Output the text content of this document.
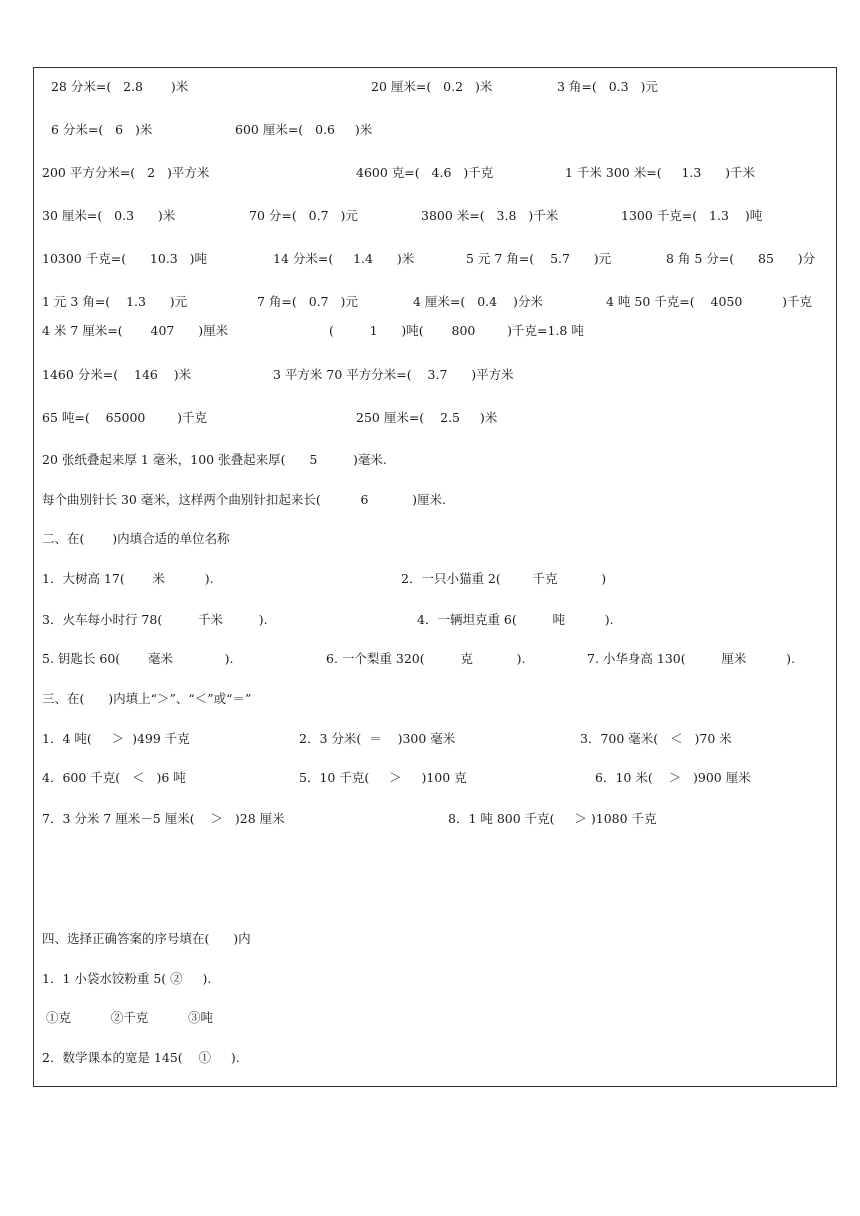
28 分米=(   2.8       )米	20 厘米=(   0.2   )米	3 角=(   0.3   )元
6 分米=(   6   )米	600 厘米=(   0.6     )米
200 平方分米=(   2   )平方米	4600 克=(   4.6   )千克	1 千米 300 米=(     1.3      )千米
30 厘米=(   0.3      )米	70 分=(   0.7   )元	3800 米=(   3.8   )千米	1300 千克=(   1.3    )吨
10300 千克=(      10.3   )吨	14 分米=(     1.4      )米	5 元 7 角=(    5.7      )元	8 角 5 分=(      85      )分
1 元 3 角=(    1.3      )元	7 角=(   0.7   )元	4 厘米=(   0.4    )分米	4 吨 50 千克=(    4050          )千克
4 米 7 厘米=(       407      )厘米	(         1      )吨(       800        )千克=1.8 吨
1460 分米=(    146    )米	3 平方米 70 平方分米=(    3.7      )平方米
65 吨=(    65000        )千克	250 厘米=(    2.5     )米
20 张纸叠起来厚 1 毫米，100 张叠起来厚(      5         )毫米.
每个曲别针长 30 毫米，这样两个曲别针扣起来长(          6           )厘米.
二、在(       )内填合适的单位名称
1．大树高 17(       米          ).	2．一只小猫重 2(        千克           )
3．火车每小时行 78(         千米         ).	4．一辆坦克重 6(         吨          ).
5. 钥匙长 60(       毫米             ).	6. 一个梨重 320(         克           ).	7. 小华身高 130(         厘米          ).
三、在(      )内填上“＞”、“＜”或“＝”
1．4 吨(     ＞  )499 千克	2．3 分米(  ＝    )300 毫米	3．700 毫米(   ＜   )70 米
4．600 千克(   ＜   )6 吨	5．10 千克(     ＞     )100 克	6．10 米(    ＞   )900 厘米
7．3 分米 7 厘米－5 厘米(    ＞   )28 厘米	8．1 吨 800 千克(     ＞ )1080 千克
四、选择正确答案的序号填在(      )内
1．1 小袋水饺粉重 5( ②     ).
①克          ②千克          ③吨
2．数学课本的宽是 145(    ①     ).
